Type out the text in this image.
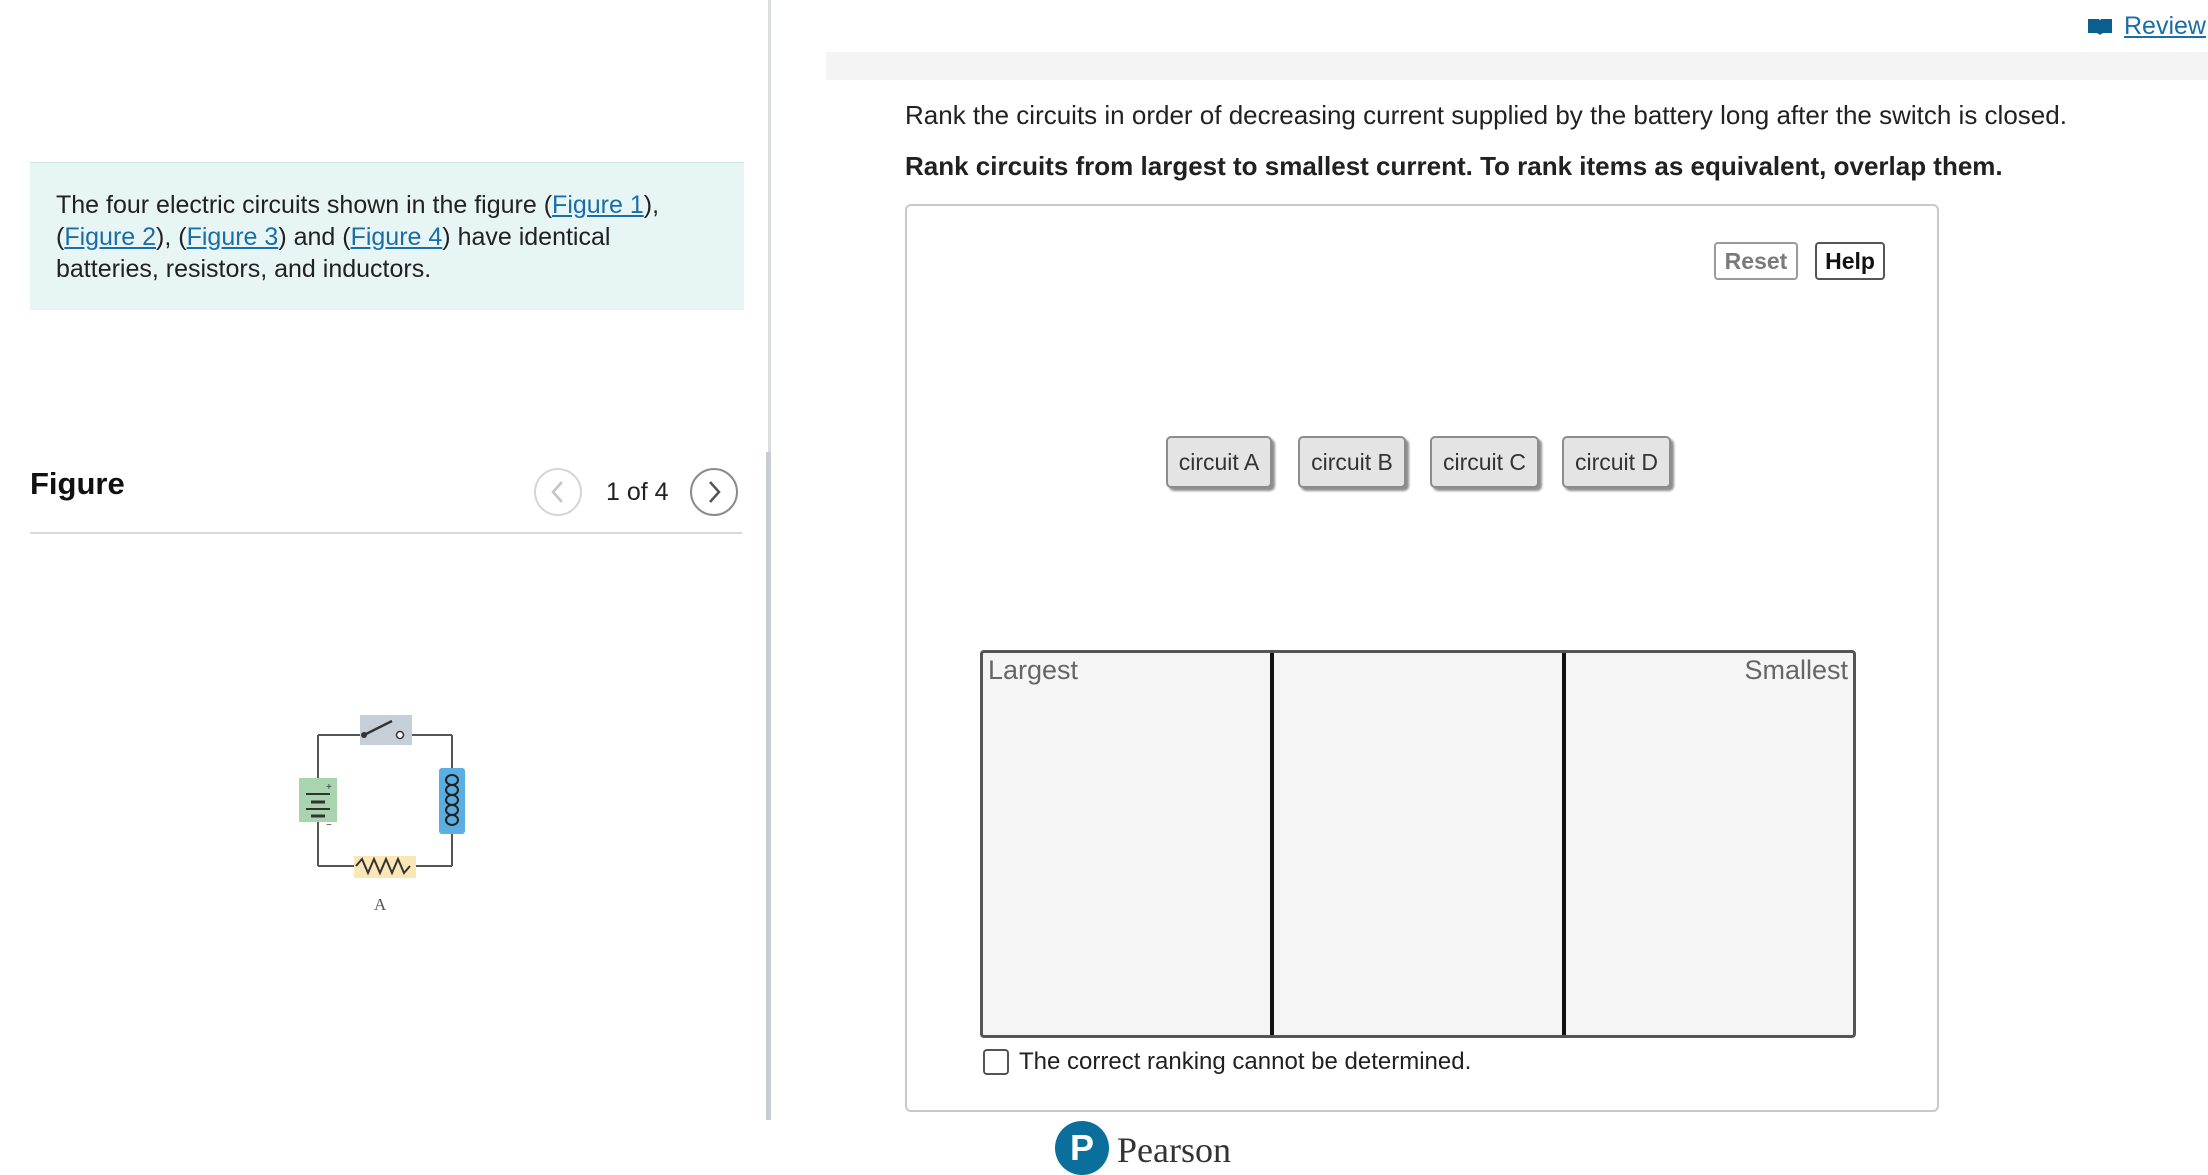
The four electric circuits shown in the figure (Figure 1), (Figure 2), (Figure 3) and (Figure 4) have identical batteries, resistors, and inductors.
Figure	1 of 4
+
−
A
Review
Rank the circuits in order of decreasing current supplied by the battery long after the switch is closed.
Rank circuits from largest to smallest current. To rank items as equivalent, overlap them.
Reset	Help
circuit A	circuit B	circuit C	circuit D
Largest	Smallest
The correct ranking cannot be determined.
P Pearson
